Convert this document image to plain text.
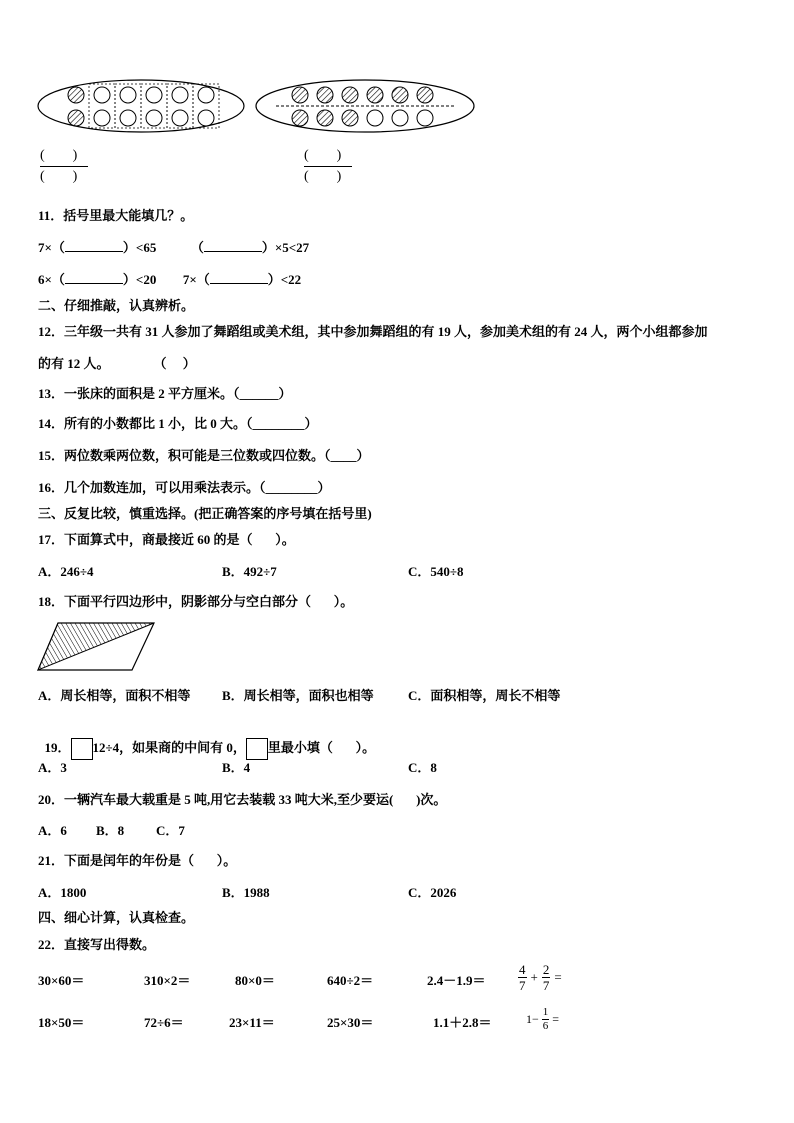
(        )
(        )
(        )
(        )
11．括号里最大能填几？。
7×（	）<65	（	）×5<27
6×（	）<20 7×（	）<22
二、仔细推敲，认真辨析。
12．三年级一共有 31 人参加了舞蹈组或美术组，其中参加舞蹈组的有 19 人，参加美术组的有 24 人，两个小组都参加
的有 12 人。	（     ）
13．一张床的面积是 2 平方厘米。（______）
14．所有的小数都比 1 小，比 0 大。（________）
15．两位数乘两位数，积可能是三位数或四位数。（____）
16．几个加数连加，可以用乘法表示。（________）
三、反复比较，慎重选择。(把正确答案的序号填在括号里)
17．下面算式中，商最接近 60 的是（       ）。
A．246÷4	B．492÷7	C．540÷8
18．下面平行四边形中，阴影部分与空白部分（       ）。
A．周长相等，面积不相等 B．周长相等，面积也相等	C．面积相等，周长不相等

19． 12÷4，如果商的中间有 0， 里最小填（       ）。

A．3	B．4	C．8
20．一辆汽车最大载重是 5 吨,用它去装载 33 吨大米,至少要运(       )次。
A．6 B．8 C．7
21．下面是闰年的年份是（       ）。
A．1800	B．1988	C．2026
四、细心计算，认真检查。
22．直接写出得数。
30×60＝	310×2＝	80×0＝	640÷2＝	$2.4-1.9= \frac{4}{7} + \frac{2}{7}$ =
18×50＝	72÷6＝	23×11＝	25×30＝	1.1＋2.8＝	$1- \frac{1}{6}$ =
